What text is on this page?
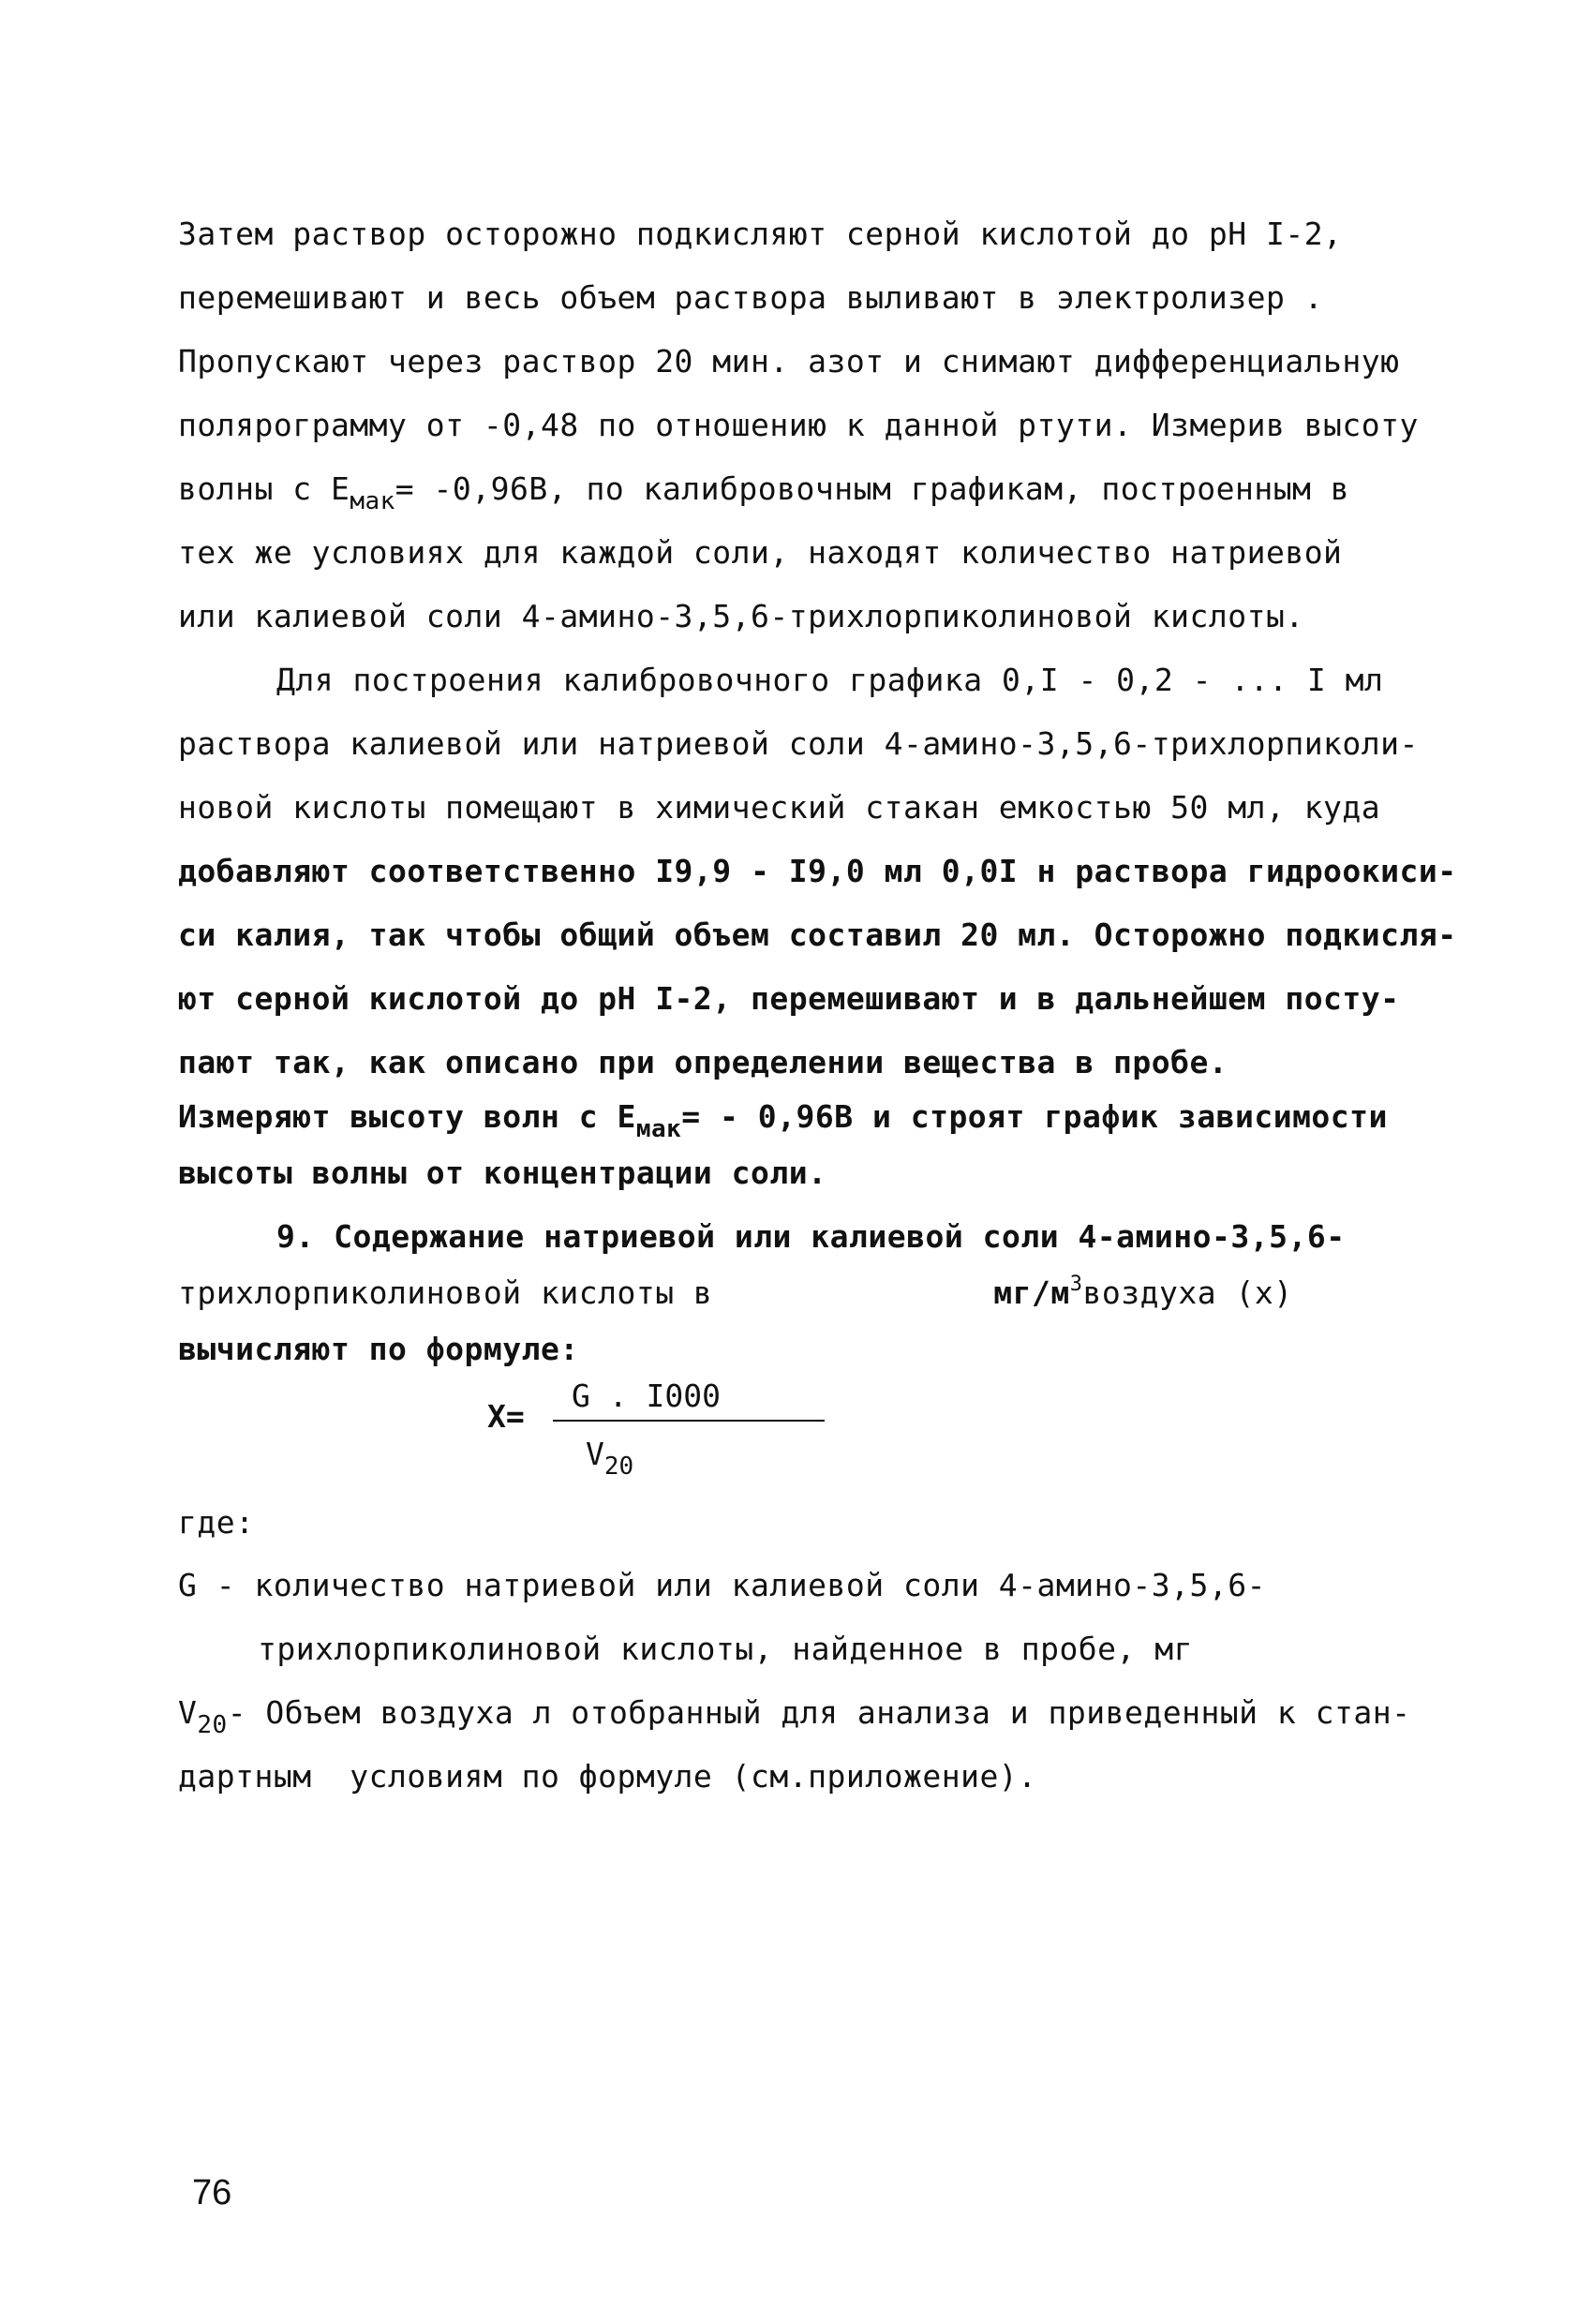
Затем раствор осторожно подкисляют серной кислотой до pH I-2,
перемешивают и весь объем раствора выливают в электролизер .
Пропускают через раствор 20 мин. азот и снимают дифференциальную
полярограмму от -0,48 по отношению к данной ртути. Измерив высоту
волны с $E_{мак}= -0,96В$, по калибровочным графикам, построенным в
тех же условиях для каждой соли, находят количество натриевой
или калиевой соли 4-амино-3,5,6-трихлорпиколиновой кислоты.
Для построения калибровочного графика 0,I - 0,2 - ... I мл
раствора калиевой или натриевой соли 4-амино-3,5,6-трихлорпиколи-
новой кислоты помещают в химический стакан емкостью 50 мл, куда
добавляют соответственно I9,9 - I9,0 мл 0,0I н раствора гидроокиси-
си калия, так чтобы общий объем составил 20 мл. Осторожно подкисля-
ют серной кислотой до pH I-2, перемешивают и в дальнейшем посту-
пают так, как описано при определении вещества в пробе.
Измеряют высоту волн с $E_{мак}= - 0,96В$ и строят график зависимости
высоты волны от концентрации соли.
9. Содержание натриевой или калиевой соли 4-амино-3,5,6-
трихлорпиколиновой кислоты в	$мг/м^3воздуха$ (х)
вычисляют по формуле:
X=
G . I000
$V_{20}$
где:
G - количество натриевой или калиевой соли 4-амино-3,5,6-
трихлорпиколиновой кислоты, найденное в пробе, мг
$V_{20}-$ Объем воздуха л отобранный для анализа и приведенный к стан-
дартным  условиям по формуле (см.приложение).
76
